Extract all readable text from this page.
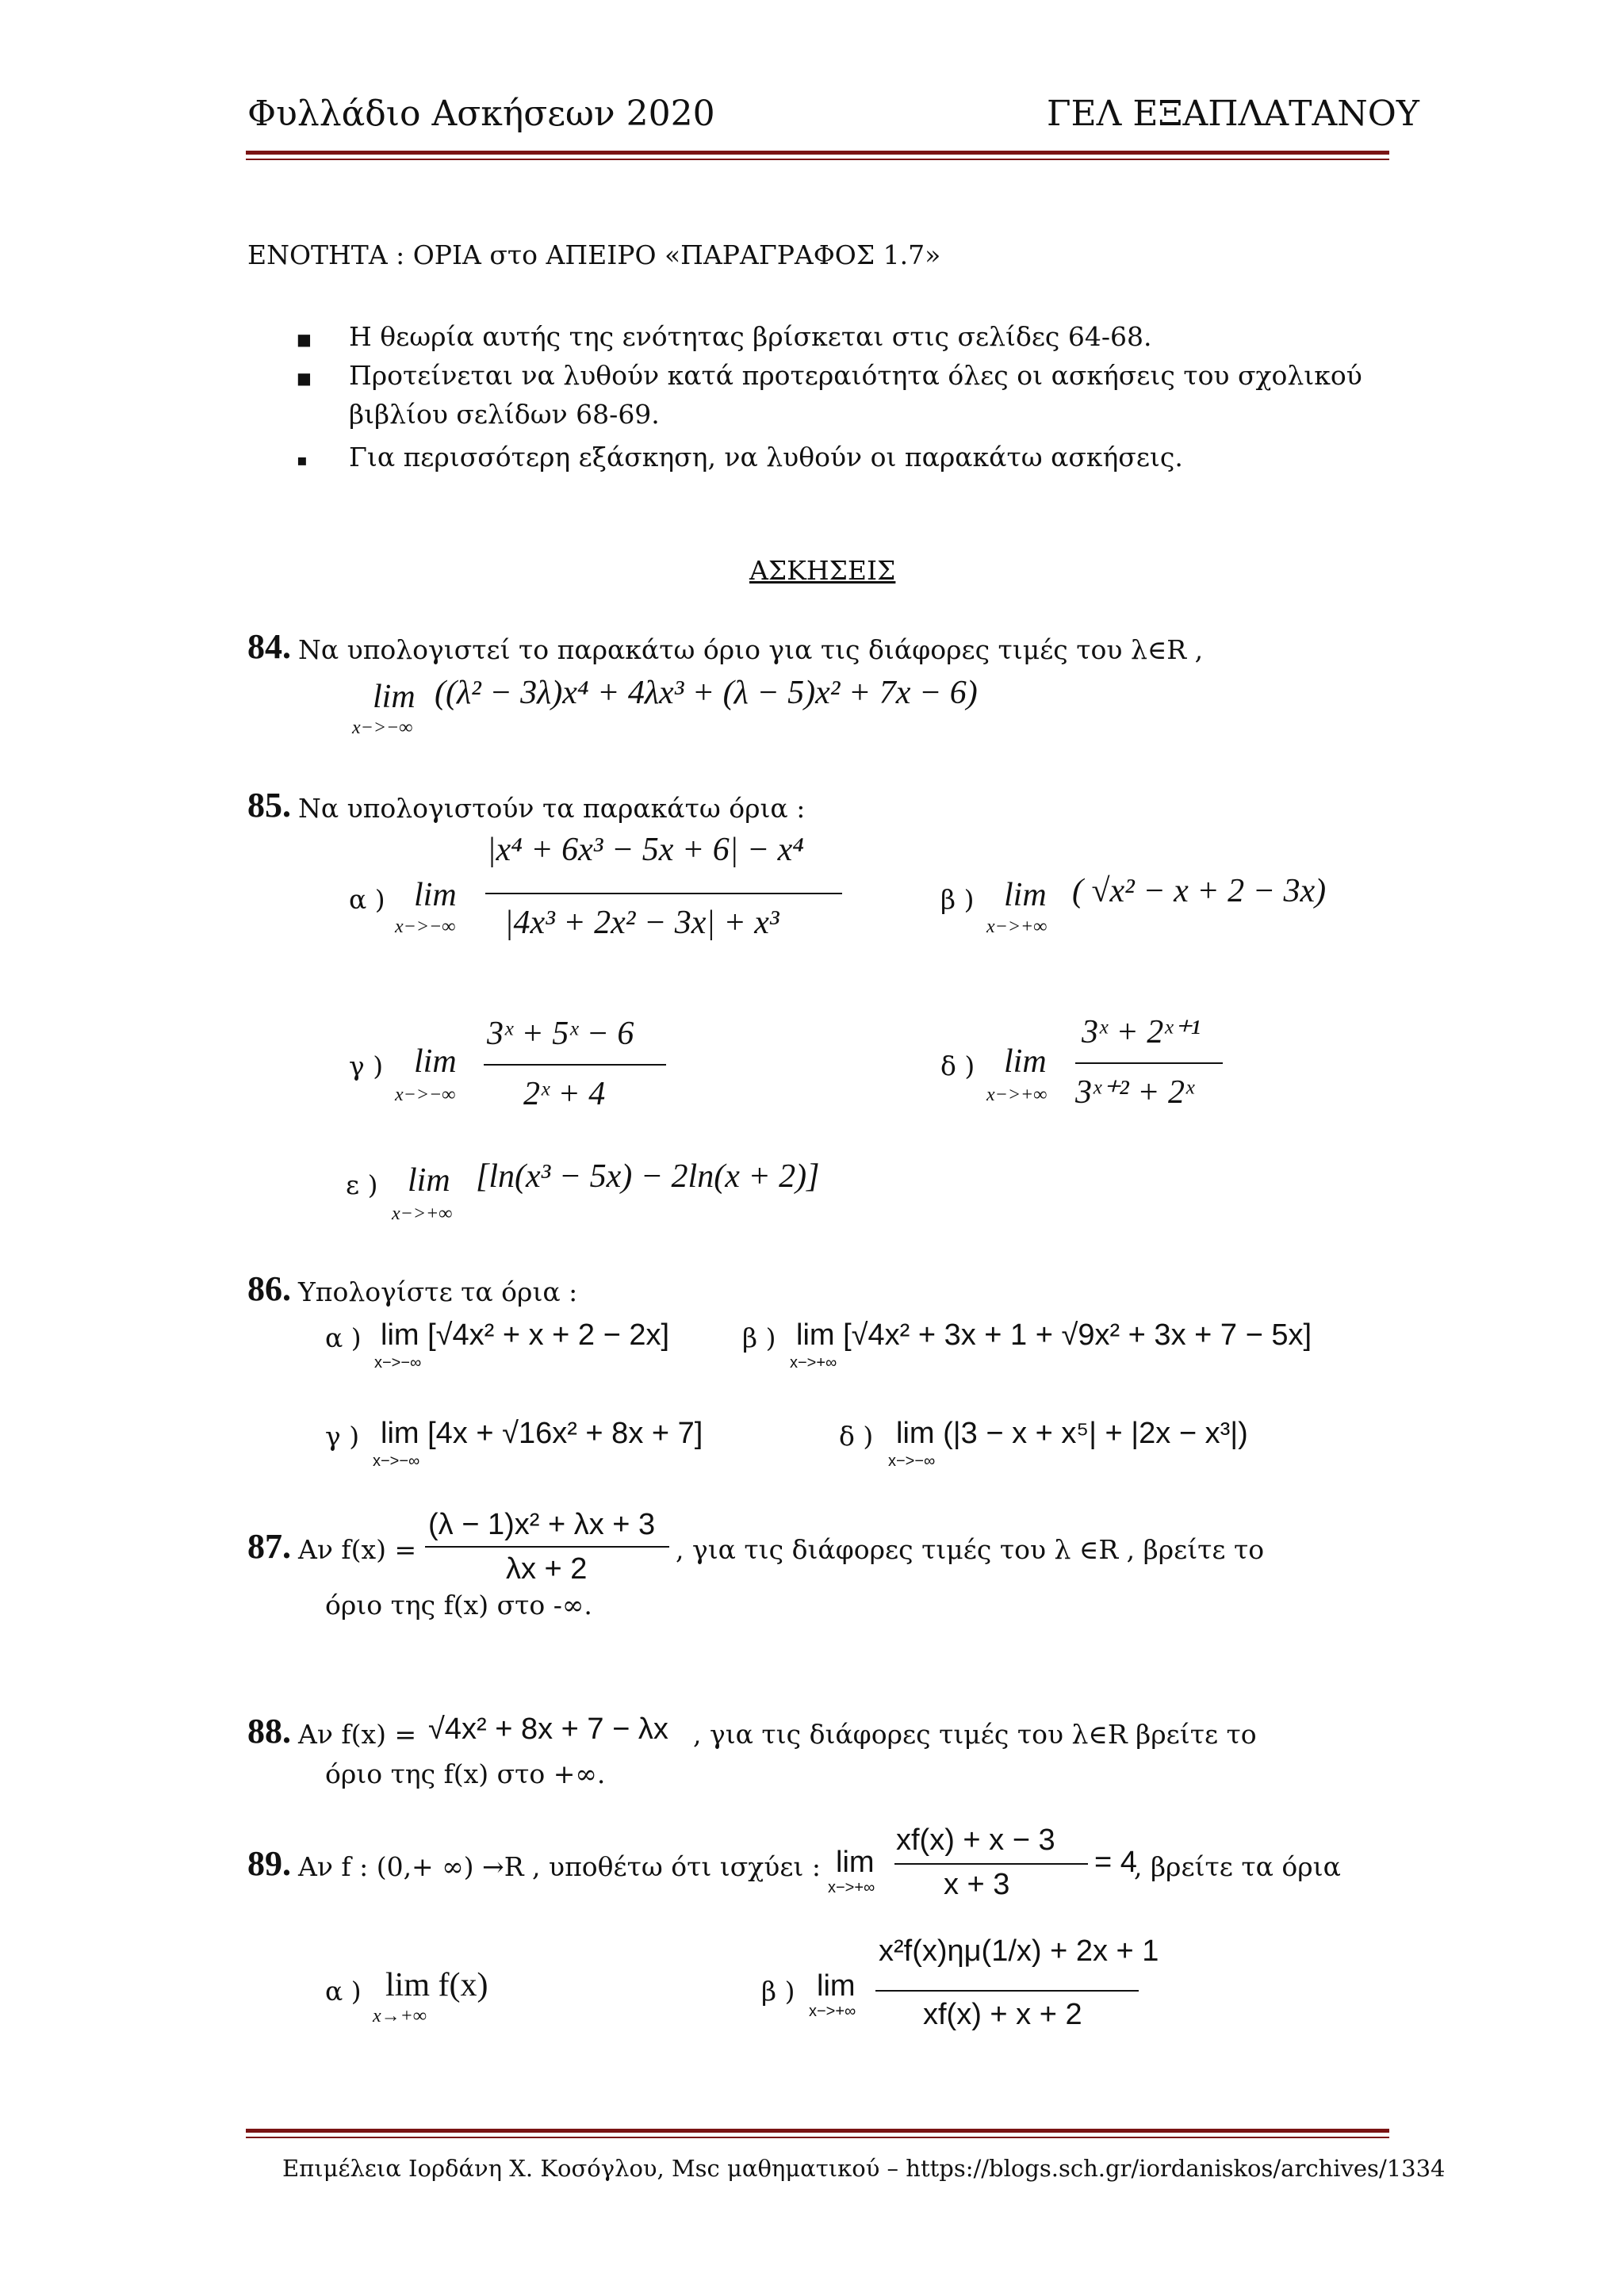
Φυλλάδιο Ασκήσεων 2020	ΓΕΛ ΕΞΑΠΛΑΤΑΝΟΥ
ΕΝΟΤΗΤΑ : ΟΡΙΑ στο ΑΠΕΙΡΟ «ΠΑΡΑΓΡΑΦΟΣ 1.7»
■ Η θεωρία αυτής της ενότητας βρίσκεται στις σελίδες 64-68.
■ Προτείνεται να λυθούν κατά προτεραιότητα όλες οι ασκήσεις του σχολικού
βιβλίου σελίδων 68-69.
▪ Για περισσότερη εξάσκηση, να λυθούν οι παρακάτω ασκήσεις.
ΑΣΚΗΣΕΙΣ
84. Να υπολογιστεί το παρακάτω όριο για τις διάφορες τιμές του λ∈R ,
lim
x−>−∞
((λ² − 3λ)x⁴ + 4λx³ + (λ − 5)x² + 7x − 6)
85. Να υπολογιστούν τα παρακάτω όρια :
α ) lim
x−>−∞
|x⁴ + 6x³ − 5x + 6| − x⁴
|4x³ + 2x² − 3x| + x³
β ) lim
x−>+∞
( √x² − x + 2 − 3x)
γ ) lim
x−>−∞
3ˣ + 5ˣ − 6
2ˣ + 4
δ ) lim
x−>+∞
3ˣ + 2ˣ⁺¹
3ˣ⁺² + 2ˣ
ε ) lim
x−>+∞
[ln(x³ − 5x) − 2ln(x + 2)]
86. Υπολογίστε τα όρια :
α ) lim [√4x² + x + 2 − 2x]
x−>−∞
β ) lim [√4x² + 3x + 1 + √9x² + 3x + 7 − 5x]
x−>+∞
γ ) lim [4x + √16x² + 8x + 7]
x−>−∞
δ ) lim (|3 − x + x⁵| + |2x − x³|)
x−>−∞
87. Αν f(x) =
(λ − 1)x² + λx + 3
λx + 2
, για τις διάφορες τιμές του λ ∈R , βρείτε το
όριο της f(x) στο -∞.
88. Αν f(x) = √4x² + 8x + 7 − λx , για τις διάφορες τιμές του λ∈R βρείτε το
όριο της f(x) στο +∞.
89. Αν f : (0,+ ∞) →R , υποθέτω ότι ισχύει : lim
x−>+∞
xf(x) + x − 3
x + 3
= 4
, βρείτε τα όρια
α ) lim f(x)
x→+∞
β ) lim
x−>+∞
x²f(x)ημ(1/x) + 2x + 1
xf(x) + x + 2
Επιμέλεια Ιορδάνη Χ. Κοσόγλου, Msc μαθηματικού – https://blogs.sch.gr/iordaniskos/archives/1334
